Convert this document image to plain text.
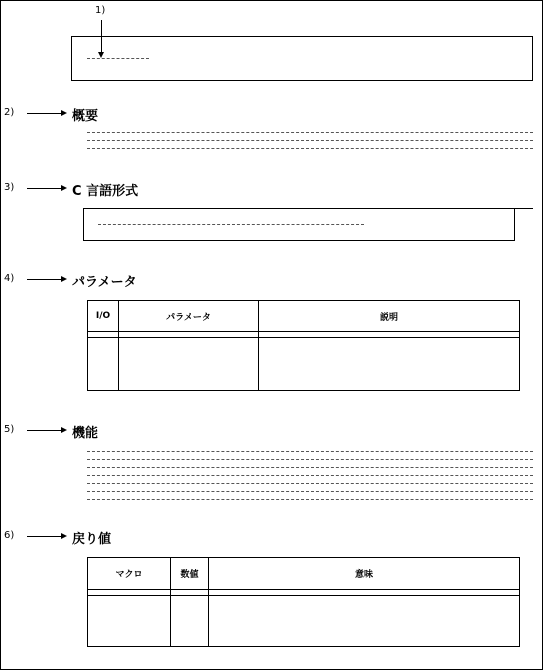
1)
2)	概要
3)	C 言語形式
4)	パラメータ
I/O	パラメータ	説明

5)	機能
6)	戻り値
マクロ	数値	意味
